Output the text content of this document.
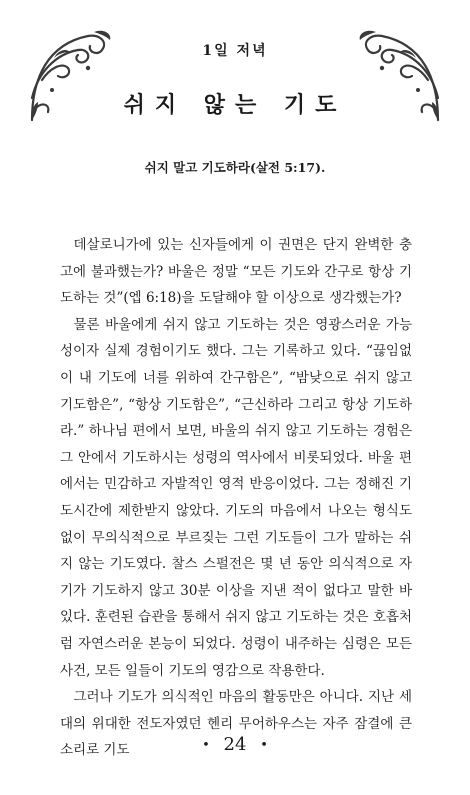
1일 저녁
쉬지 않는 기도
쉬지 말고 기도하라(살전 5:17).

데살로니가에 있는 신자들에게 이 권면은 단지 완벽한 충고에 불과했는가? 바울은 정말 “모든 기도와 간구로 항상 기도하는 것”(엡 6:18)을 도달해야 할 이상으로 생각했는가?

물론 바울에게 쉬지 않고 기도하는 것은 영광스러운 가능성이자 실제 경험이기도 했다. 그는 기록하고 있다. “끊임없이 내 기도에 너를 위하여 간구함은”, “밤낮으로 쉬지 않고 기도함은”, “항상 기도함은”, “근신하라 그리고 항상 기도하라.” 하나님 편에서 보면, 바울의 쉬지 않고 기도하는 경험은 그 안에서 기도하시는 성령의 역사에서 비롯되었다. 바울 편에서는 민감하고 자발적인 영적 반응이었다. 그는 정해진 기도시간에 제한받지 않았다. 기도의 마음에서 나오는 형식도 없이 무의식적으로 부르짖는 그런 기도들이 그가 말하는 쉬지 않는 기도였다. 찰스 스펄전은 몇 년 동안 의식적으로 자기가 기도하지 않고 30분 이상을 지낸 적이 없다고 말한 바 있다. 훈련된 습관을 통해서 쉬지 않고 기도하는 것은 호흡처럼 자연스러운 본능이 되었다. 성령이 내주하는 심령은 모든 사건, 모든 일들이 기도의 영감으로 작용한다.

그러나 기도가 의식적인 마음의 활동만은 아니다. 지난 세대의 위대한 전도자였던 헨리 무어하우스는 자주 잠결에 큰 소리로 기도	• 24 •
